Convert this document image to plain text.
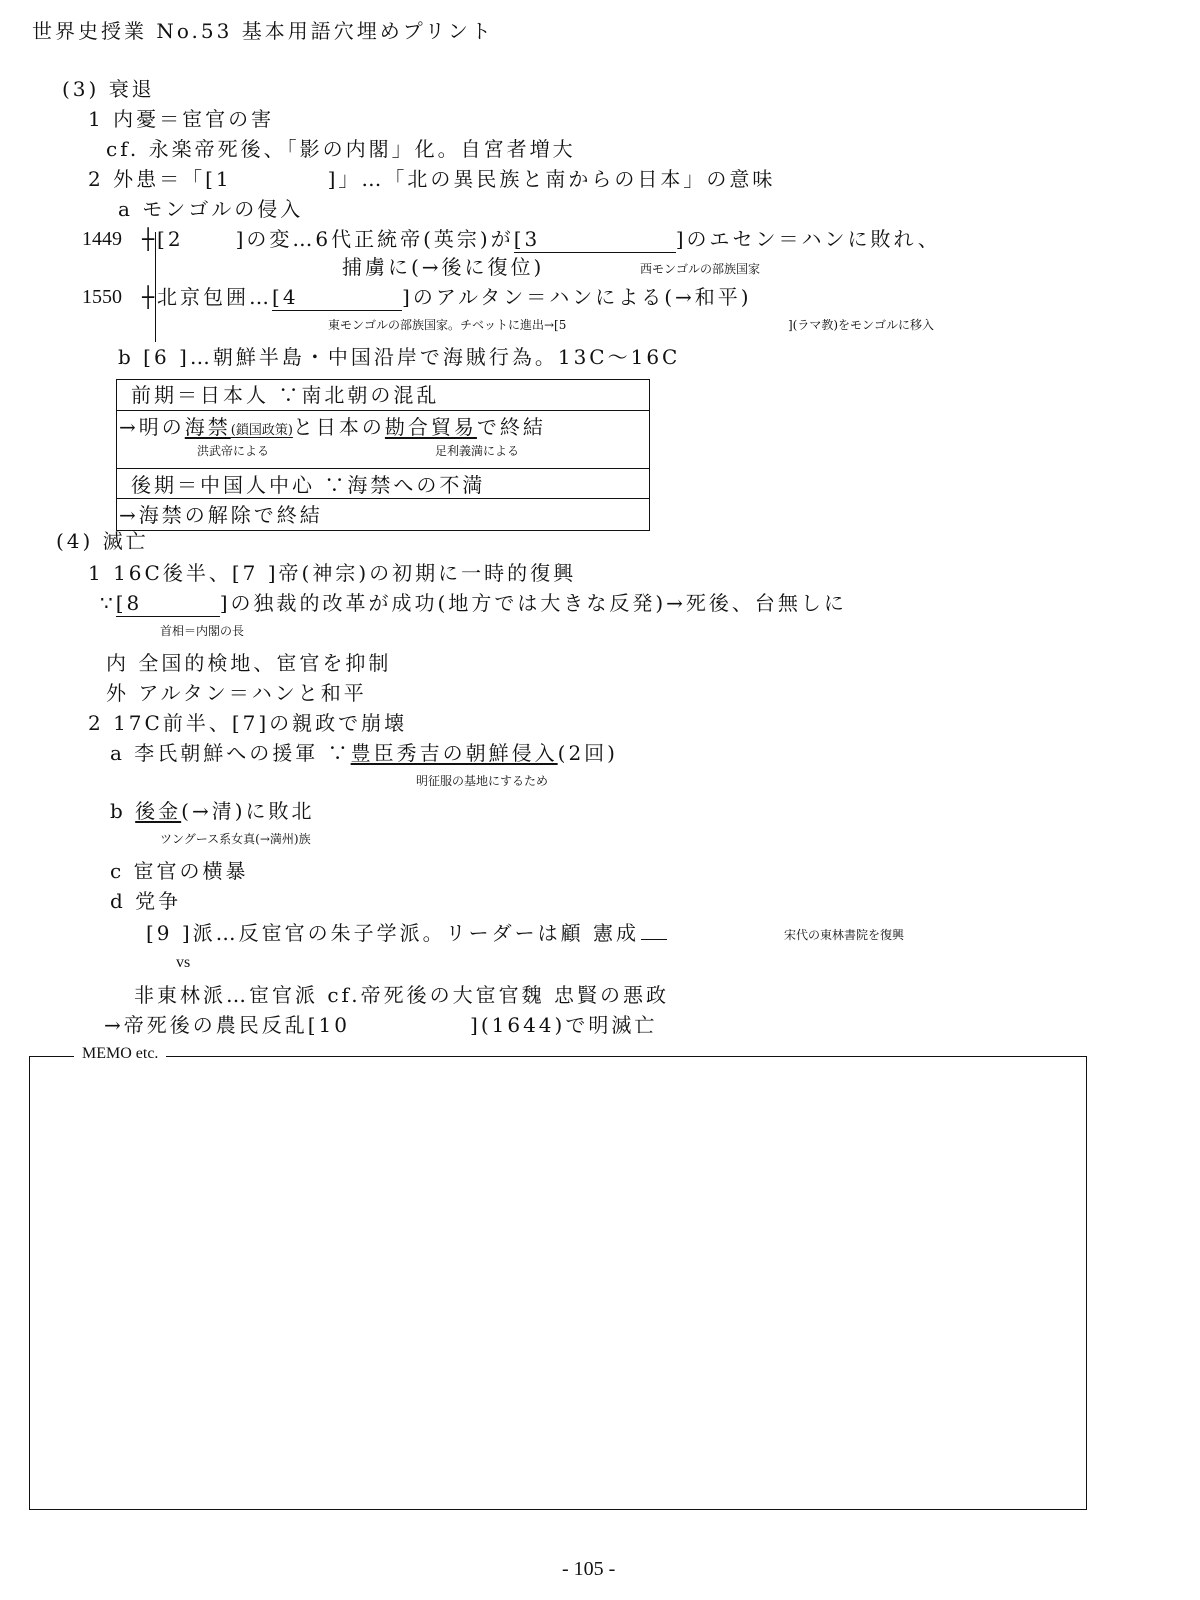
世界史授業 No.53 基本用語穴埋めプリント
(3) 衰退
1 内憂＝宦官の害
cf. 永楽帝死後、「影の内閣」化。自宮者増大
2 外患＝「[1	]」…「北の異民族と南からの日本」の意味
a モンゴルの侵入
1449 ┼[2	]の変…6代正統帝(英宗)が[3	]のエセン＝ハンに敗れ、
捕虜に(→後に復位)	西モンゴルの部族国家
1550 ┼北京包囲…[4	]のアルタン＝ハンによる(→和平)
東モンゴルの部族国家。チベットに進出→[5	](ラマ教)をモンゴルに移入
b [6 ]…朝鮮半島・中国沿岸で海賊行為。13C～16C
前期＝日本人 ∵南北朝の混乱
→明の海禁(鎖国政策)と日本の勘合貿易で終結
洪武帝による	足利義満による
後期＝中国人中心 ∵海禁への不満
→海禁の解除で終結
(4) 滅亡
1 16C後半、[7 ]帝(神宗)の初期に一時的復興
∵[8	]の独裁的改革が成功(地方では大きな反発)→死後、台無しに
首相＝内閣の長
内 全国的検地、宦官を抑制
外 アルタン＝ハンと和平
2 17C前半、[7]の親政で崩壊
a 李氏朝鮮への援軍 ∵豊臣秀吉の朝鮮侵入(2回)
明征服の基地にするため
b 後金(→清)に敗北
ツングース系女真(→満州)族
c 宦官の横暴
d 党争
[9 ]派…反宦官の朱子学派。リーダーは顧 憲成	宋代の東林書院を復興
vs
非東林派…宦官派 cf.帝死後の大宦官魏 忠賢の悪政
→帝死後の農民反乱[10	](1644)で明滅亡
MEMO etc.
- 105 -
